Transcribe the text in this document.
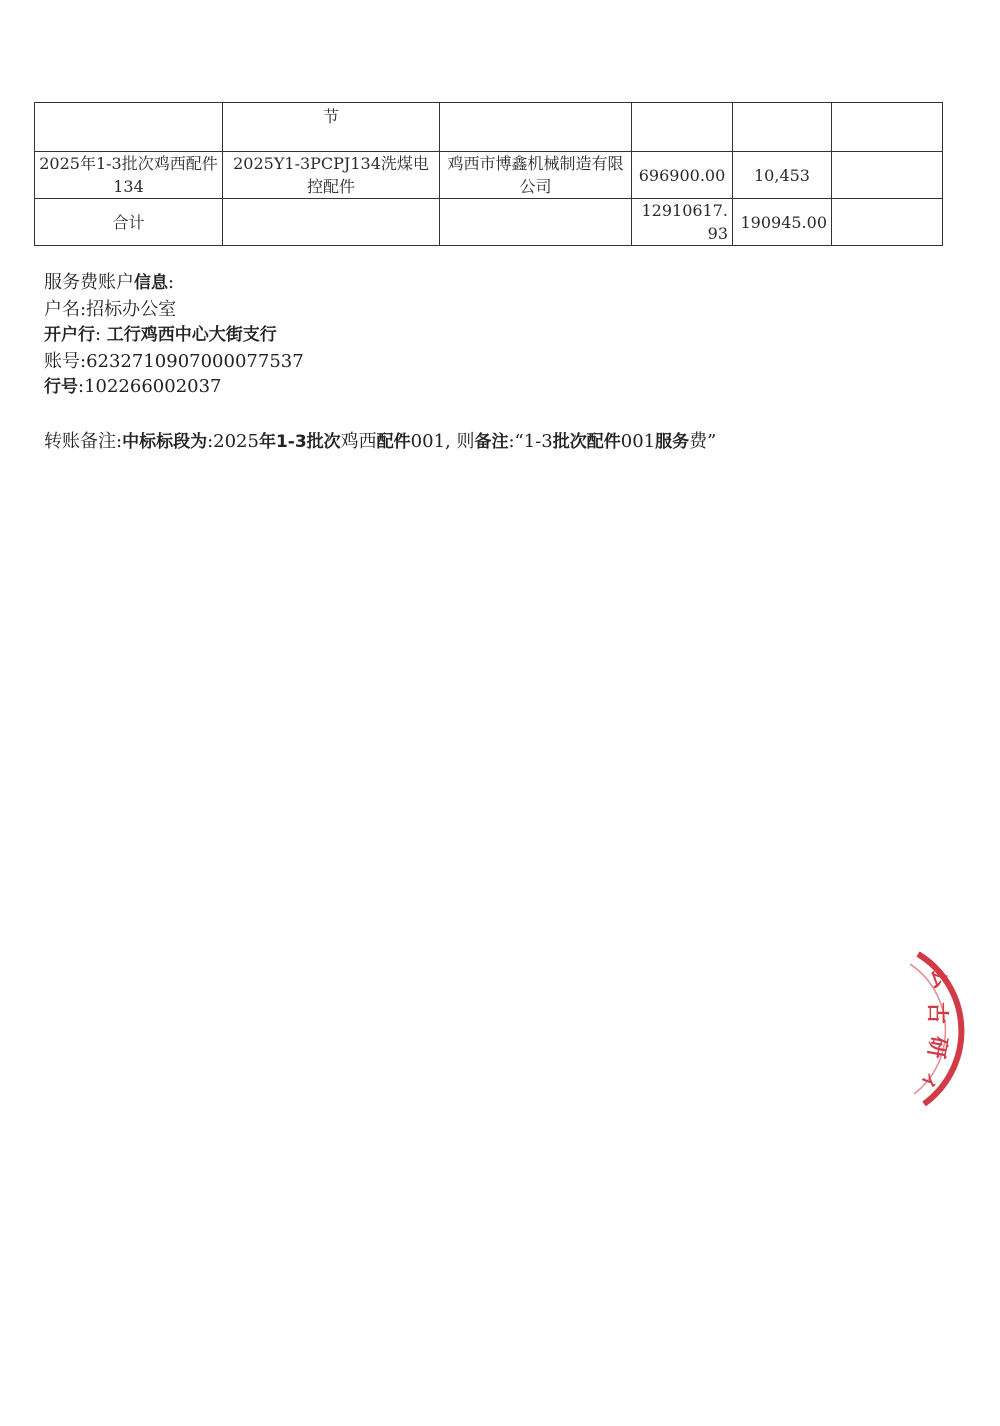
	节				
2025年1-3批次鸡西配件134	2025Y1-3PCPJ134洗煤电控配件	鸡西市博鑫机械制造有限公司	696900.00	10,453	
合计			12910617.93	190945.00	
服务费账户信息:
户名:招标办公室
开户行: 工行鸡西中心大街支行
账号:6232710907000077537
行号:102266002037
转账备注:中标标段为:2025年1-3批次鸡西配件001, 则备注:“1-3批次配件001服务费”
ム
古
研
ィ
